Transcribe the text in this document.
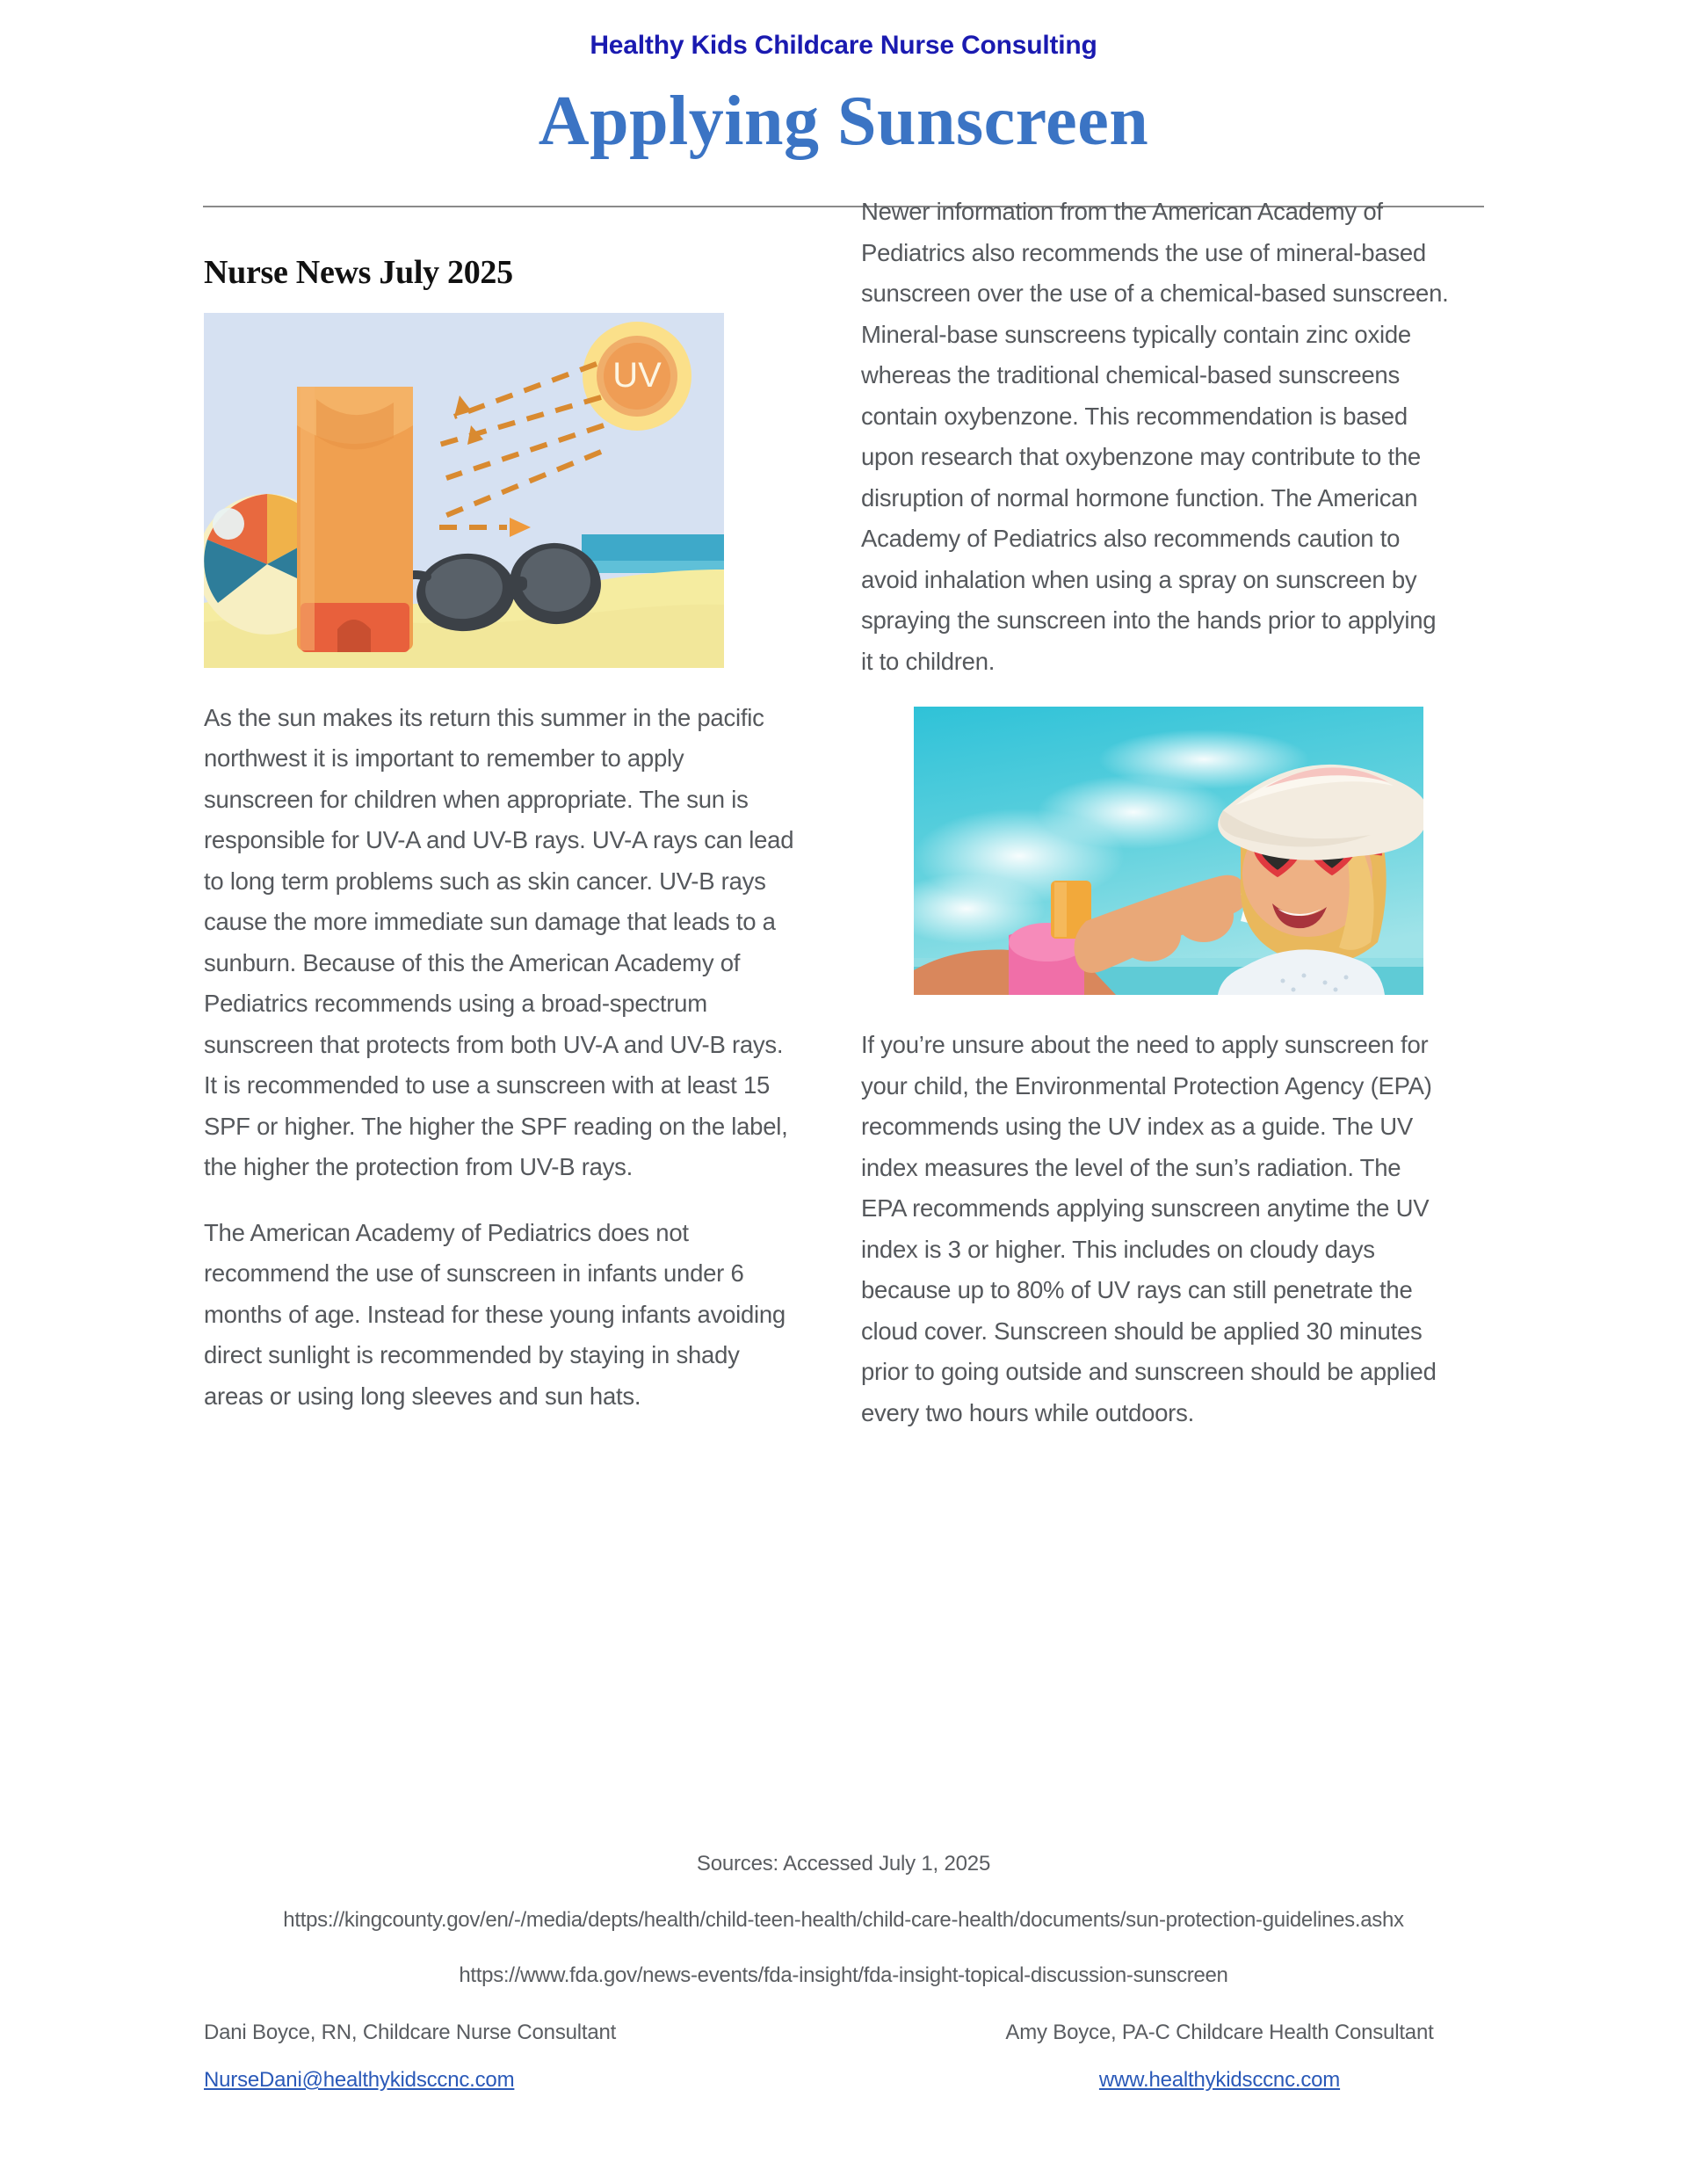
Healthy Kids Childcare Nurse Consulting
Applying Sunscreen
Nurse News July 2025
UV

As the sun makes its return this summer in the pacific northwest it is important to remember to apply sunscreen for children when appropriate. The sun is responsible for UV-A and UV-B rays. UV-A rays can lead to long term problems such as skin cancer. UV-B rays cause the more immediate sun damage that leads to a sunburn. Because of this the American Academy of Pediatrics recommends using a broad-spectrum sunscreen that protects from both UV-A and UV-B rays. It is recommended to use a sunscreen with at least 15 SPF or higher. The higher the SPF reading on the label, the higher the protection from UV-B rays.

The American Academy of Pediatrics does not recommend the use of sunscreen in infants under 6 months of age. Instead for these young infants avoiding direct sunlight is recommended by staying in shady areas or using long sleeves and sun hats.

Newer information from the American Academy of Pediatrics also recommends the use of mineral-based sunscreen over the use of a chemical-based sunscreen. Mineral-base sunscreens typically contain zinc oxide whereas the traditional chemical-based sunscreens contain oxybenzone. This recommendation is based upon research that oxybenzone may contribute to the disruption of normal hormone function. The American Academy of Pediatrics also recommends caution to avoid inhalation when using a spray on sunscreen by spraying the sunscreen into the hands prior to applying it to children.

If you’re unsure about the need to apply sunscreen for your child, the Environmental Protection Agency (EPA) recommends using the UV index as a guide. The UV index measures the level of the sun’s radiation. The EPA recommends applying sunscreen anytime the UV index is 3 or higher. This includes on cloudy days because up to 80% of UV rays can still penetrate the cloud cover. Sunscreen should be applied 30 minutes prior to going outside and sunscreen should be applied every two hours while outdoors.

Sources: Accessed July 1, 2025
https://kingcounty.gov/en/-/media/depts/health/child-teen-health/child-care-health/documents/sun-protection-guidelines.ashx
https://www.fda.gov/news-events/fda-insight/fda-insight-topical-discussion-sunscreen
Dani Boyce, RN, Childcare Nurse Consultant	Amy Boyce, PA-C Childcare Health Consultant
NurseDani@healthykidsccnc.com	www.healthykidsccnc.com
